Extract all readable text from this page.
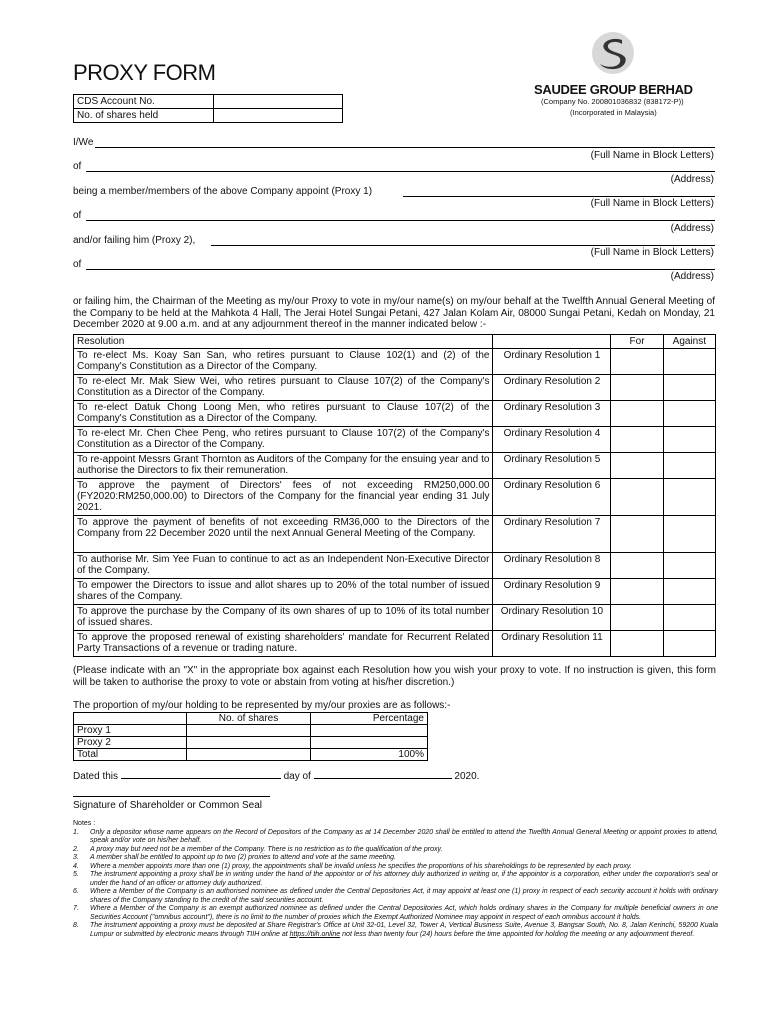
PROXY FORM
SAUDEE GROUP BERHAD
(Company No. 200801036832 (838172-P))
(Incorporated in Malaysia)
CDS Account No.	
No. of shares held	
I/We
(Full Name in Block Letters)
of
(Address)
being a member/members of the above Company appoint (Proxy 1)
(Full Name in Block Letters)
of
(Address)
and/or failing him (Proxy 2),
(Full Name in Block Letters)
of
(Address)
or failing him, the Chairman of the Meeting as my/our Proxy to vote in my/our name(s) on my/our behalf at the Twelfth Annual General Meeting of the Company to be held at the Mahkota 4 Hall, The Jerai Hotel Sungai Petani, 427 Jalan Kolam Air, 08000 Sungai Petani, Kedah on Monday, 21 December 2020 at 9.00 a.m. and at any adjournment thereof in the manner indicated below :-
Resolution		For	Against
To re-elect Ms. Koay San San, who retires pursuant to Clause 102(1) and (2) of the Company's Constitution as a Director of the Company.	Ordinary Resolution 1		
To re-elect Mr. Mak Siew Wei, who retires pursuant to Clause 107(2) of the Company's Constitution as a Director of the Company.	Ordinary Resolution 2		
To re-elect Datuk Chong Loong Men, who retires pursuant to Clause 107(2) of the Company's Constitution as a Director of the Company.	Ordinary Resolution 3		
To re-elect Mr. Chen Chee Peng, who retires pursuant to Clause 107(2) of the Company's Constitution as a Director of the Company.	Ordinary Resolution 4		
To re-appoint Messrs Grant Thornton as Auditors of the Company for the ensuing year and to authorise the Directors to fix their remuneration.	Ordinary Resolution 5		
To approve the payment of Directors' fees of not exceeding RM250,000.00 (FY2020:RM250,000.00) to Directors of the Company for the financial year ending 31 July 2021.	Ordinary Resolution 6		
To approve the payment of benefits of not exceeding RM36,000 to the Directors of the Company from 22 December 2020 until the next Annual General Meeting of the Company.	Ordinary Resolution 7		
To authorise Mr. Sim Yee Fuan to continue to act as an Independent Non-Executive Director of the Company.	Ordinary Resolution 8		
To empower the Directors to issue and allot shares up to 20% of the total number of issued shares of the Company.	Ordinary Resolution 9		
To approve the purchase by the Company of its own shares of up to 10% of its total number of issued shares.	Ordinary Resolution 10		
To approve the proposed renewal of existing shareholders' mandate for Recurrent Related Party Transactions of a revenue or trading nature.	Ordinary Resolution 11		
(Please indicate with an "X" in the appropriate box against each Resolution how you wish your proxy to vote. If no instruction is given, this form will be taken to authorise the proxy to vote or abstain from voting at his/her discretion.)
The proportion of my/our holding to be represented by my/our proxies are as follows:-
	No. of shares	Percentage
Proxy 1		
Proxy 2		
Total		100%
Dated this	day of	2020.
Signature of Shareholder or Common Seal
Notes :
1. Only a depositor whose name appears on the Record of Depositors of the Company as at 14 December 2020 shall be entitled to attend the Twelfth Annual General Meeting or appoint proxies to attend, speak and/or vote on his/her behalf.
2. A proxy may but need not be a member of the Company. There is no restriction as to the qualification of the proxy.
3. A member shall be entitled to appoint up to two (2) proxies to attend and vote at the same meeting.
4. Where a member appoints more than one (1) proxy, the appointments shall be invalid unless he specifies the proportions of his shareholdings to be represented by each proxy.
5. The instrument appointing a proxy shall be in writing under the hand of the appointor or of his attorney duly authorized in writing or, if the appointor is a corporation, either under the corporation's seal or under the hand of an officer or attorney duly authorized.
6. Where a Member of the Company is an authorised nominee as defined under the Central Depositories Act, it may appoint at least one (1) proxy in respect of each security account it holds with ordinary shares of the Company standing to the credit of the said securities account.
7. Where a Member of the Company is an exempt authorized nominee as defined under the Central Depositories Act, which holds ordinary shares in the Company for multiple beneficial owners in one Securities Account ("omnibus account"), there is no limit to the number of proxies which the Exempt Authorized Nominee may appoint in respect of each omnibus account it holds.
8. The instrument appointing a proxy must be deposited at Share Registrar's Office at Unit 32-01, Level 32, Tower A, Vertical Business Suite, Avenue 3, Bangsar South, No. 8, Jalan Kerinchi, 59200 Kuala Lumpur or submitted by electronic means through TIIH online at https://tiih.online not less than twenty four (24) hours before the time appointed for holding the meeting or any adjournment thereof.
